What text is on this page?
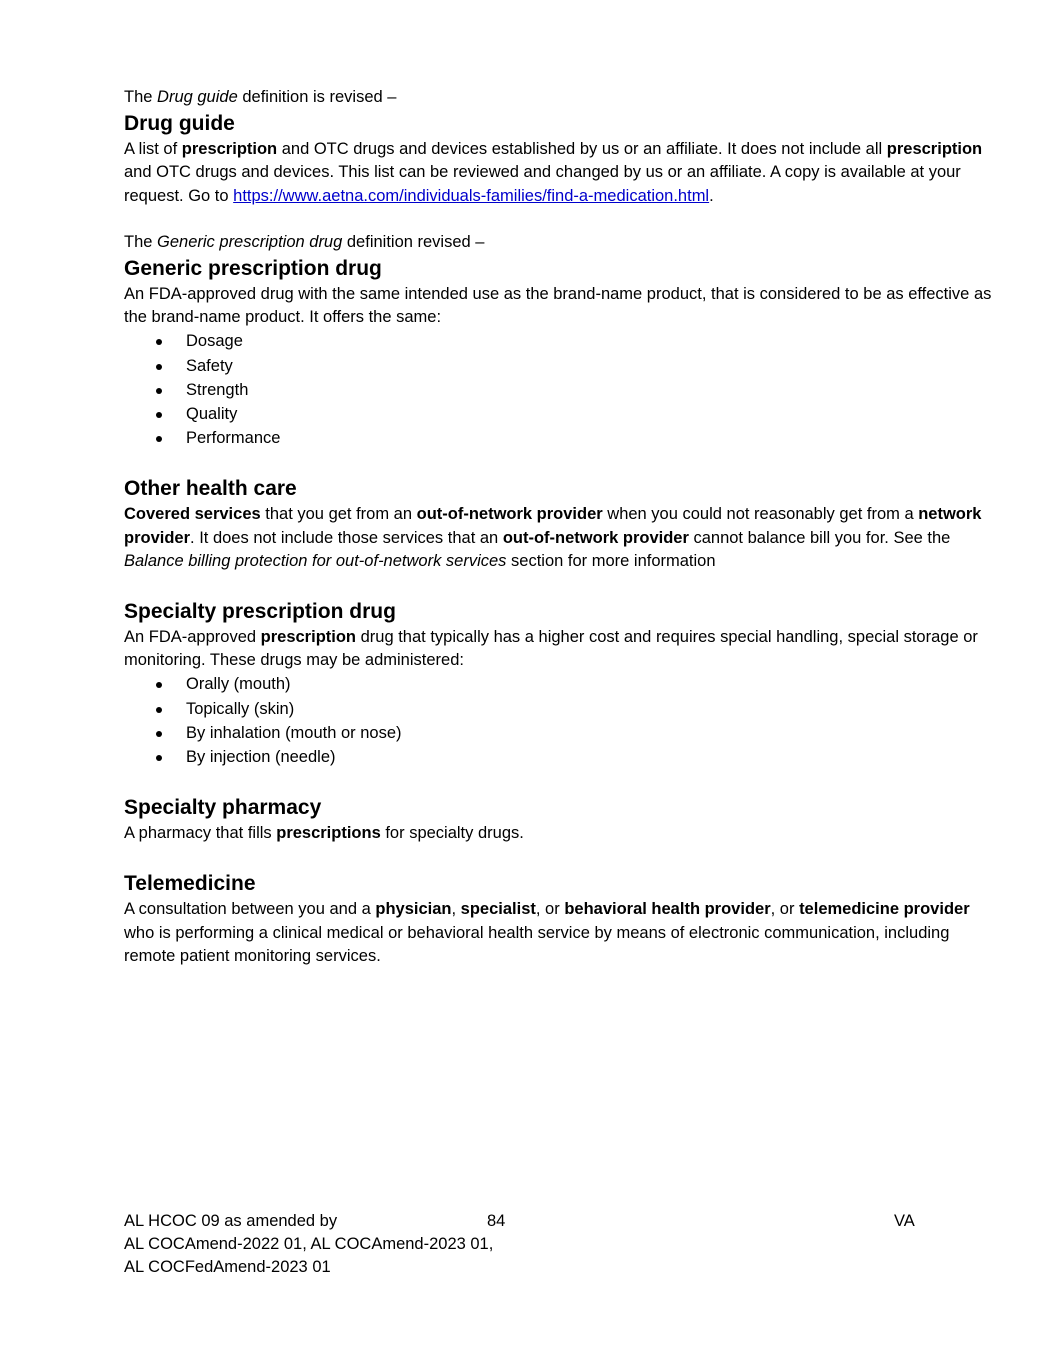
The Drug guide definition is revised –

Drug guide

A list of prescription and OTC drugs and devices established by us or an affiliate. It does not include all prescription and OTC drugs and devices. This list can be reviewed and changed by us or an affiliate. A copy is available at your request. Go to https://www.aetna.com/individuals-families/find-a-medication.html.

The Generic prescription drug definition revised –

Generic prescription drug

An FDA-approved drug with the same intended use as the brand-name product, that is considered to be as effective as the brand-name product. It offers the same:

Dosage
Safety
Strength
Quality
Performance
Other health care

Covered services that you get from an out-of-network provider when you could not reasonably get from a network provider. It does not include those services that an out-of-network provider cannot balance bill you for. See the Balance billing protection for out-of-network services section for more information

Specialty prescription drug

An FDA-approved prescription drug that typically has a higher cost and requires special handling, special storage or monitoring. These drugs may be administered:

Orally (mouth)
Topically (skin)
By inhalation (mouth or nose)
By injection (needle)
Specialty pharmacy

A pharmacy that fills prescriptions for specialty drugs.

Telemedicine

A consultation between you and a physician, specialist, or behavioral health provider, or telemedicine provider who is performing a clinical medical or behavioral health service by means of electronic communication, including remote patient monitoring services.

AL HCOC 09 as amended by
AL COCAmend-2022 01, AL COCAmend-2023 01,
AL COCFedAmend-2023 01
84	VA
